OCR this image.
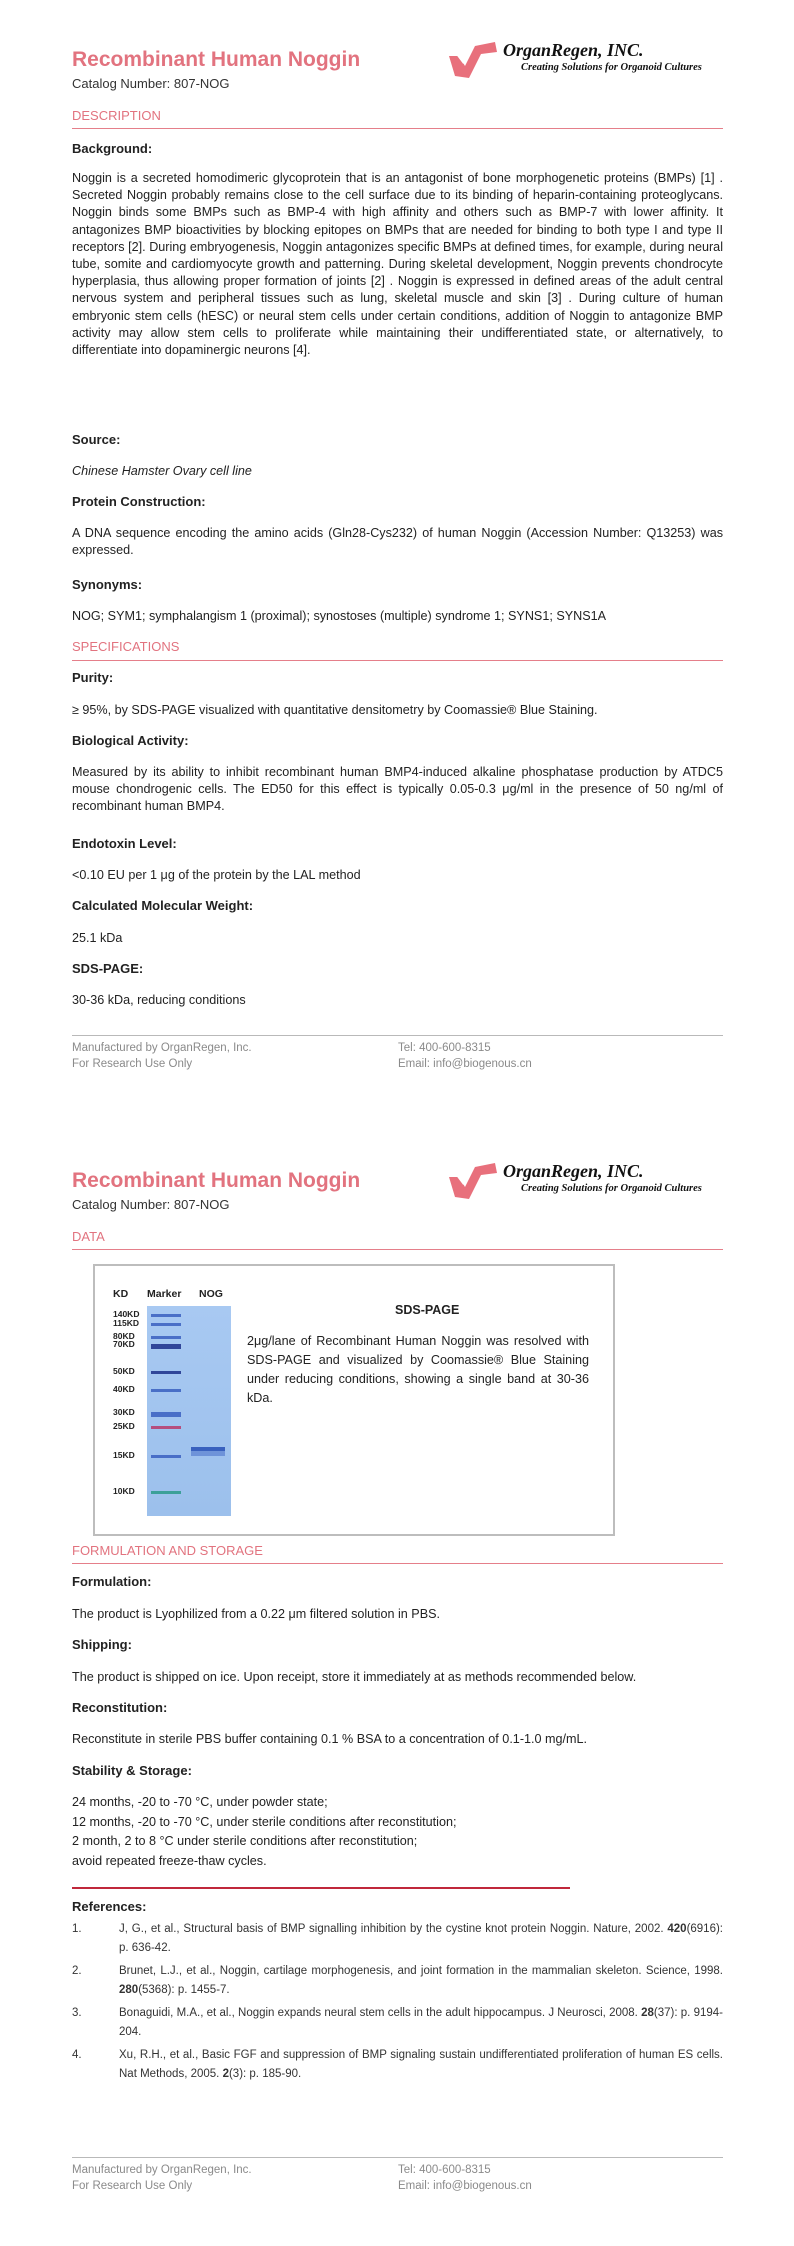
Recombinant Human Noggin
Catalog Number: 807-NOG
OrganRegen, INC.
Creating Solutions for Organoid Cultures
DESCRIPTION
Background:
Noggin is a secreted homodimeric glycoprotein that is an antagonist of bone morphogenetic proteins (BMPs) [1] . Secreted Noggin probably remains close to the cell surface due to its binding of heparin-containing proteoglycans. Noggin binds some BMPs such as BMP-4 with high affinity and others such as BMP-7 with lower affinity. It antagonizes BMP bioactivities by blocking epitopes on BMPs that are needed for binding to both type I and type II receptors [2]. During embryogenesis, Noggin antagonizes specific BMPs at defined times, for example, during neural tube, somite and cardiomyocyte growth and patterning. During skeletal development, Noggin prevents chondrocyte hyperplasia, thus allowing proper formation of joints [2] . Noggin is expressed in defined areas of the adult central nervous system and peripheral tissues such as lung, skeletal muscle and skin [3] . During culture of human embryonic stem cells (hESC) or neural stem cells under certain conditions, addition of Noggin to antagonize BMP activity may allow stem cells to proliferate while maintaining their undifferentiated state, or alternatively, to differentiate into dopaminergic neurons [4].
Source:
Chinese Hamster Ovary cell line
Protein Construction:
A DNA sequence encoding the amino acids (Gln28-Cys232) of human Noggin (Accession Number: Q13253) was expressed.
Synonyms:
NOG; SYM1; symphalangism 1 (proximal); synostoses (multiple) syndrome 1; SYNS1; SYNS1A
SPECIFICATIONS
Purity:
≥ 95%, by SDS-PAGE visualized with quantitative densitometry by Coomassie® Blue Staining.
Biological Activity:
Measured by its ability to inhibit recombinant human BMP4-induced alkaline phosphatase production by ATDC5 mouse chondrogenic cells. The ED50 for this effect is typically 0.05-0.3 μg/ml in the presence of 50 ng/ml of recombinant human BMP4.
Endotoxin Level:
<0.10 EU per 1 μg of the protein by the LAL method
Calculated Molecular Weight:
25.1 kDa
SDS-PAGE:
30-36 kDa, reducing conditions
Manufactured by OrganRegen, Inc.
For Research Use Only
Tel: 400-600-8315
Email: info@biogenous.cn
Recombinant Human Noggin
Catalog Number: 807-NOG
OrganRegen, INC.
Creating Solutions for Organoid Cultures
DATA
KD Marker NOG
140KD
115KD
80KD
70KD
50KD
40KD
30KD
25KD
15KD
10KD
SDS-PAGE
2μg/lane of Recombinant Human Noggin was resolved with SDS-PAGE and visualized by Coomassie® Blue Staining under reducing conditions, showing a single band at 30-36 kDa.
FORMULATION AND STORAGE
Formulation:
The product is Lyophilized from a 0.22 μm filtered solution in PBS.
Shipping:
The product is shipped on ice. Upon receipt, store it immediately at as methods recommended below.
Reconstitution:
Reconstitute in sterile PBS buffer containing 0.1 % BSA to a concentration of 0.1-1.0 mg/mL.
Stability & Storage:
24 months, -20 to -70 °C, under powder state;
12 months, -20 to -70 °C, under sterile conditions after reconstitution;
2 month, 2 to 8 °C under sterile conditions after reconstitution;
avoid repeated freeze-thaw cycles.
References:
1.	J, G., et al., Structural basis of BMP signalling inhibition by the cystine knot protein Noggin. Nature, 2002. 420(6916): p. 636-42.
2.	Brunet, L.J., et al., Noggin, cartilage morphogenesis, and joint formation in the mammalian skeleton. Science, 1998. 280(5368): p. 1455-7.
3.	Bonaguidi, M.A., et al., Noggin expands neural stem cells in the adult hippocampus. J Neurosci, 2008. 28(37): p. 9194-204.
4.	Xu, R.H., et al., Basic FGF and suppression of BMP signaling sustain undifferentiated proliferation of human ES cells. Nat Methods, 2005. 2(3): p. 185-90.
Manufactured by OrganRegen, Inc.
For Research Use Only
Tel: 400-600-8315
Email: info@biogenous.cn
